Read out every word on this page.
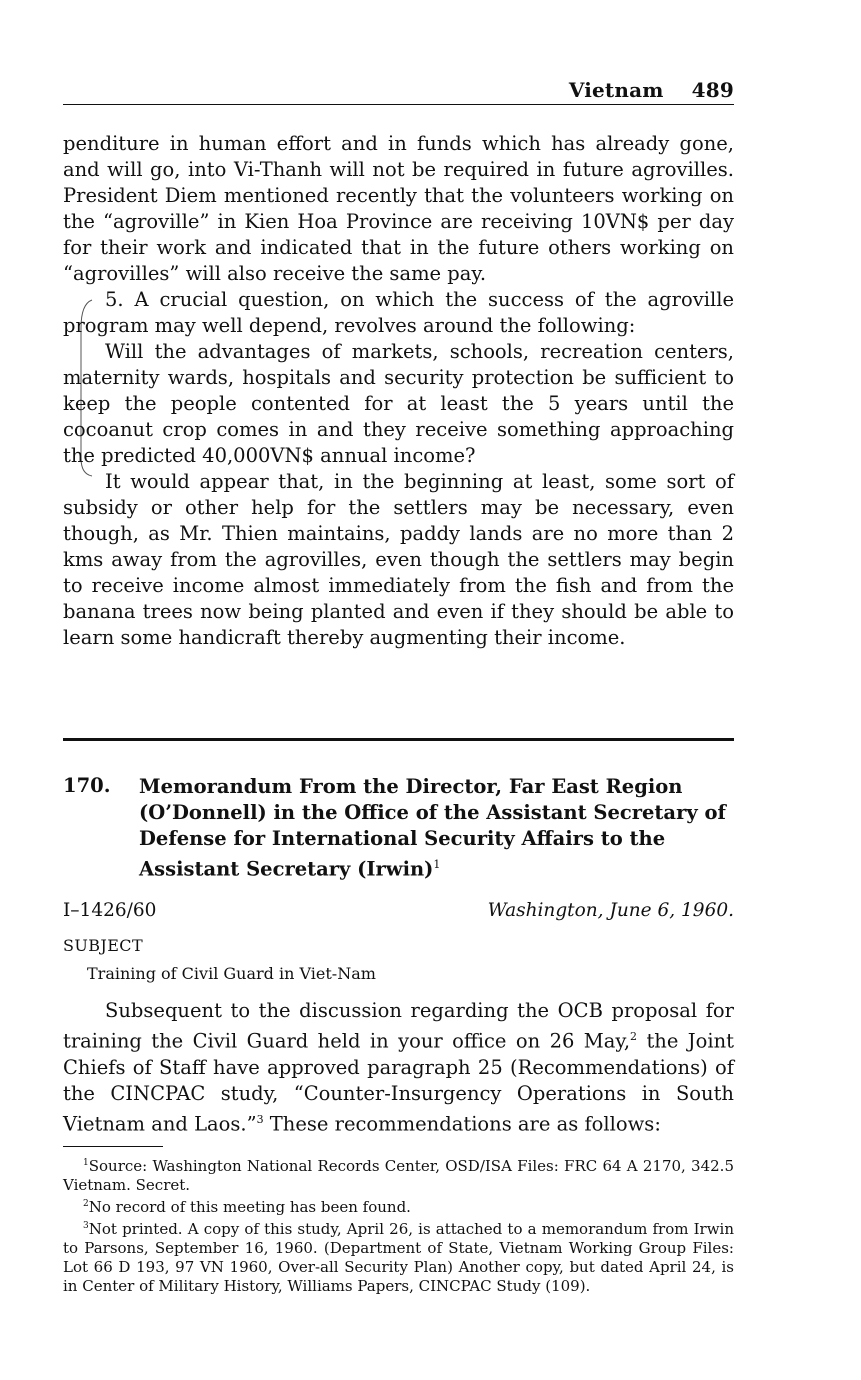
Vietnam 489

penditure in human effort and in funds which has already gone, and will go, into Vi-Thanh will not be required in future agrovilles. President Diem mentioned recently that the volunteers working on the “agroville” in Kien Hoa Province are receiving 10VN$ per day for their work and indicated that in the future others working on “agrovilles” will also receive the same pay.

5. A crucial question, on which the success of the agroville program may well depend, revolves around the following:

Will the advantages of markets, schools, recreation centers, maternity wards, hospitals and security protection be sufficient to keep the people contented for at least the 5 years until the cocoanut crop comes in and they receive something approaching the predicted 40,000VN$ annual income?

It would appear that, in the beginning at least, some sort of subsidy or other help for the settlers may be necessary, even though, as Mr. Thien maintains, paddy lands are no more than 2 kms away from the agrovilles, even though the settlers may begin to receive income almost immediately from the fish and from the banana trees now being planted and even if they should be able to learn some handicraft thereby augmenting their income.

170. Memorandum From the Director, Far East Region (O’Donnell) in the Office of the Assistant Secretary of Defense for International Security Affairs to the Assistant Secretary (Irwin)$^1$
I–1426/60	Washington, June 6, 1960.
SUBJECT
Training of Civil Guard in Viet-Nam

Subsequent to the discussion regarding the OCB proposal for training the Civil Guard held in your office on 26 May,$^2$ the Joint Chiefs of Staff have approved paragraph 25 (Recommendations) of the CINCPAC study, “Counter-Insurgency Operations in South Vietnam and Laos.”$^3$ These recommendations are as follows:

$^1$Source: Washington National Records Center, OSD/ISA Files: FRC 64 A 2170, 342.5 Vietnam. Secret.

$^2$No record of this meeting has been found.

$^3$Not printed. A copy of this study, April 26, is attached to a memorandum from Irwin to Parsons, September 16, 1960. (Department of State, Vietnam Working Group Files: Lot 66 D 193, 97 VN 1960, Over-all Security Plan) Another copy, but dated April 24, is in Center of Military History, Williams Papers, CINCPAC Study (109).
